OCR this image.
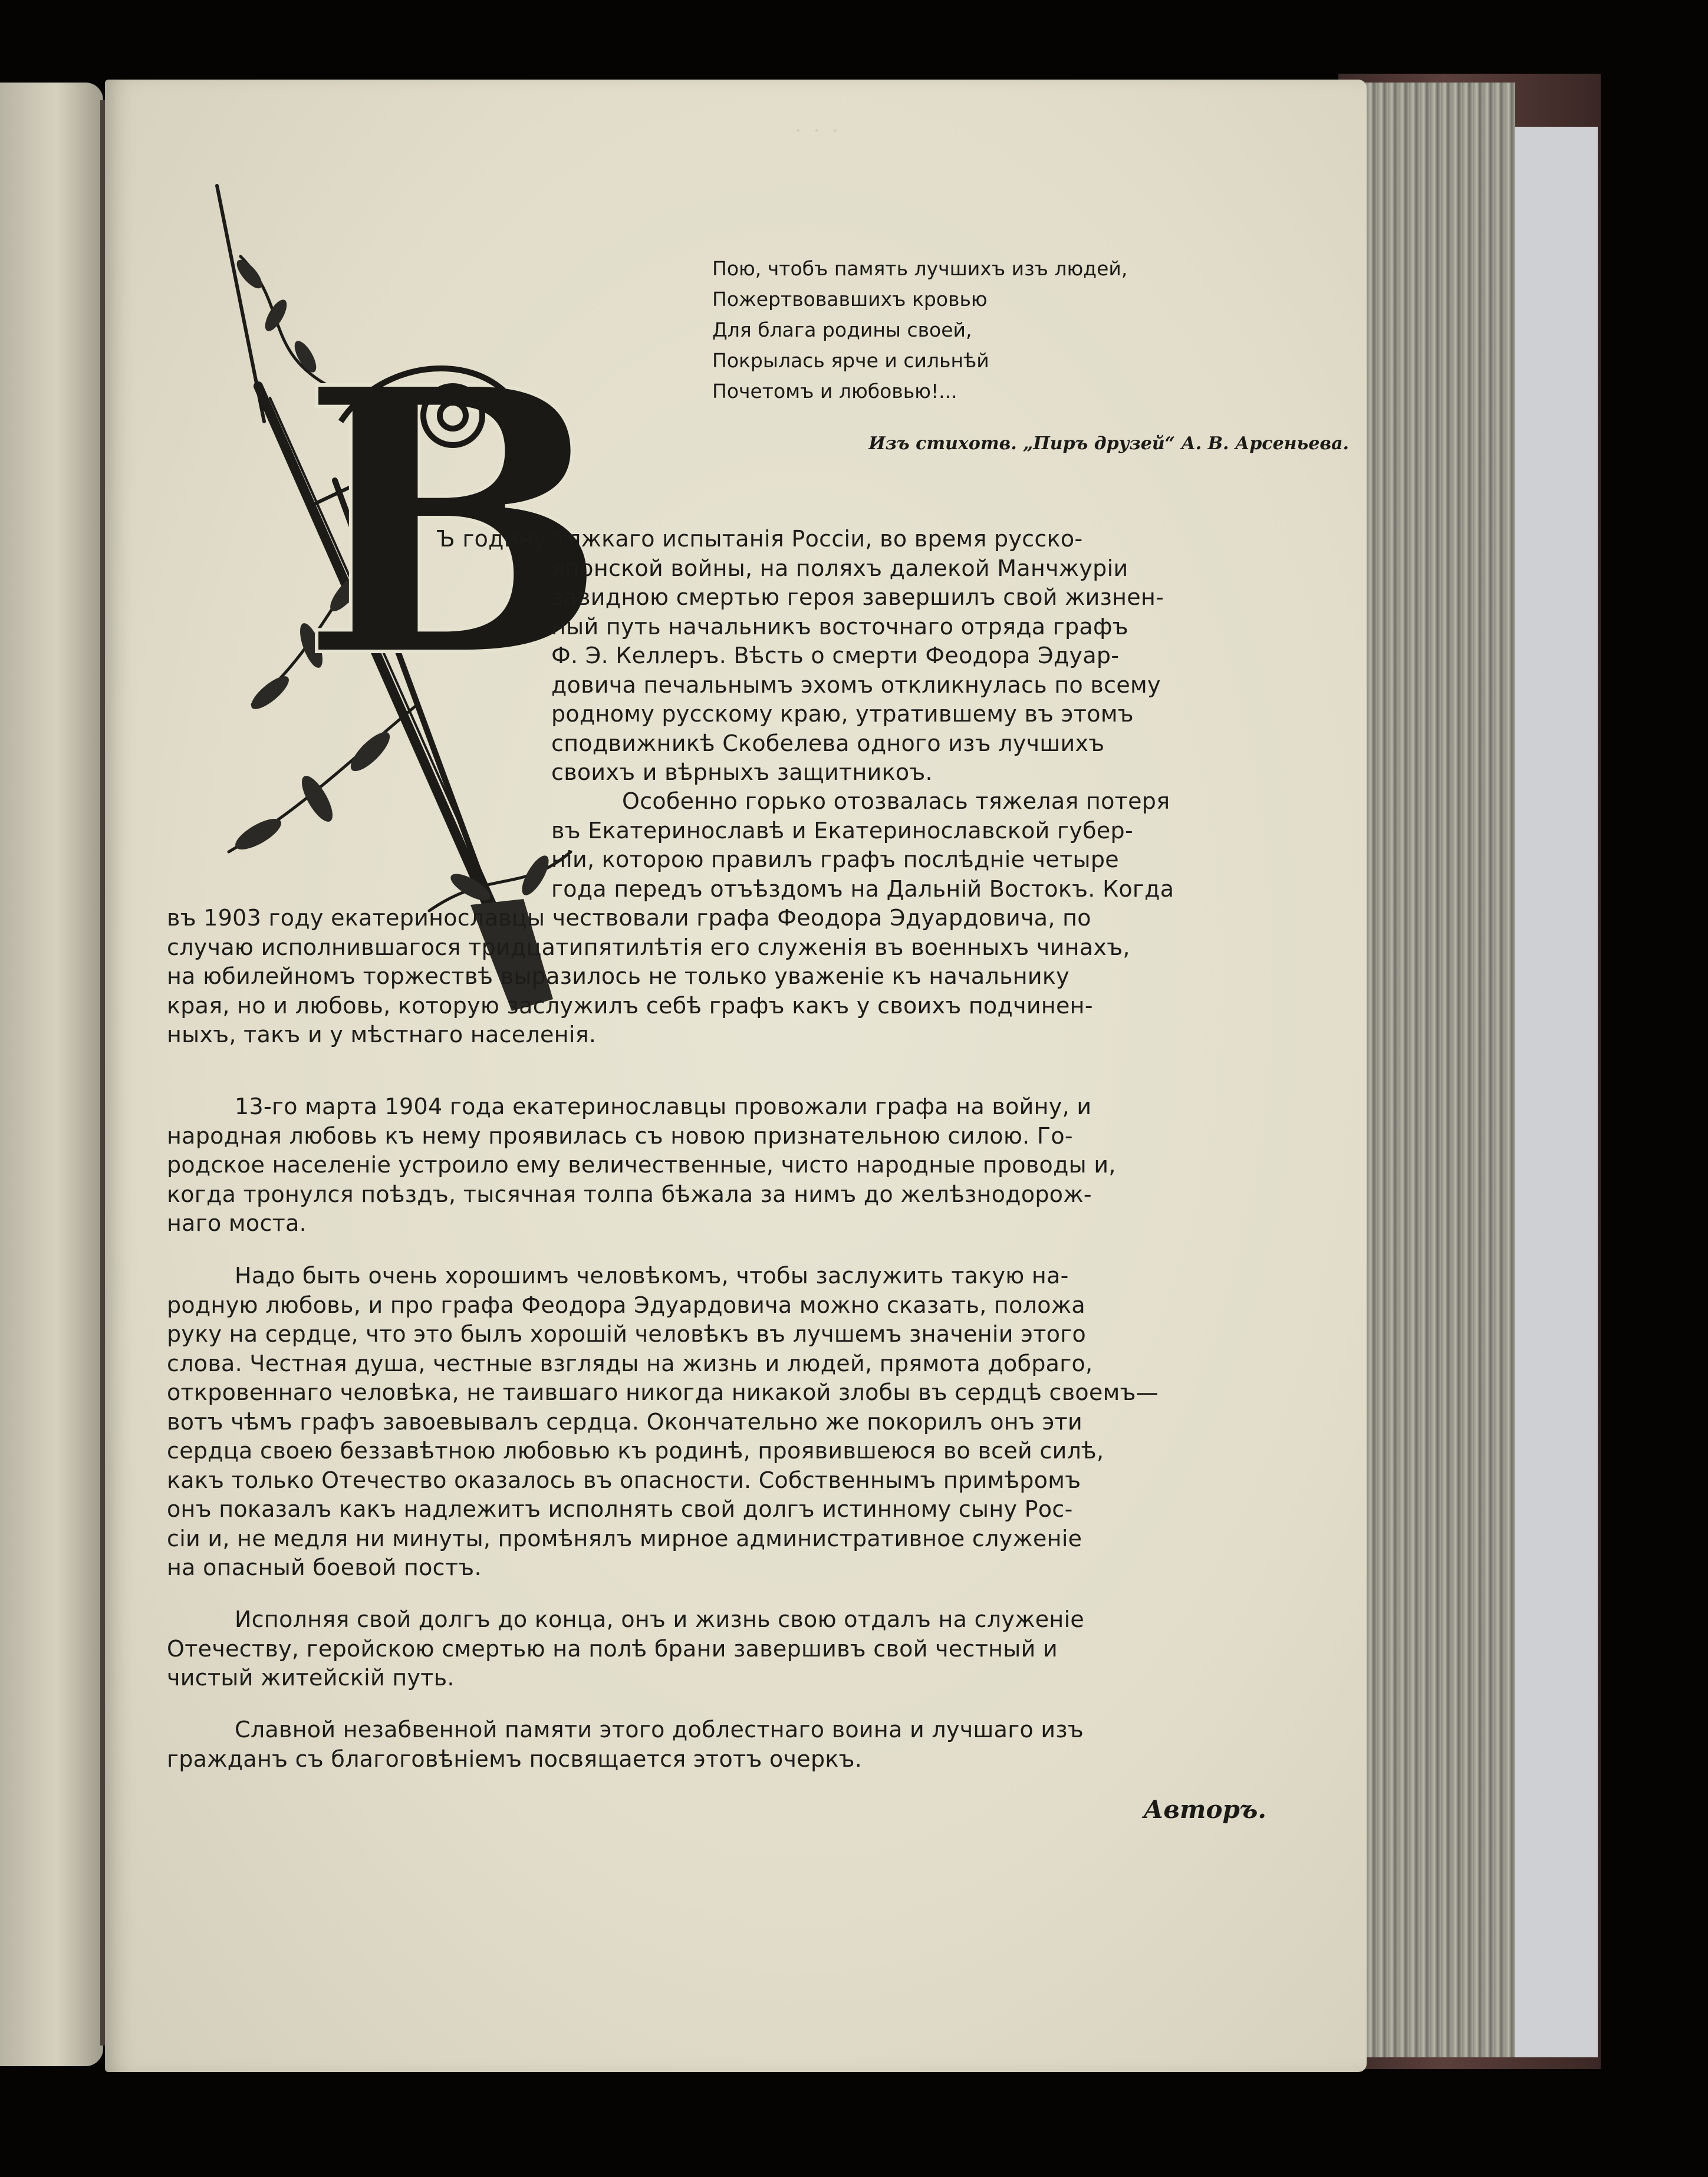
· · ·
В
Пою, чтобъ память лучшихъ изъ людей,
Пожертвовавшихъ кровью
Для блага родины своей,
Покрылась ярче и сильнѣй
Почетомъ и любовью!...
Изъ стихотв. „Пиръ друзей“ А. В. Арсеньева.
Ъ годину тяжкаго испытанія Россіи, во время русско-
японской войны, на поляхъ далекой Манчжуріи
завидною смертью героя завершилъ свой жизнен-
ный путь начальникъ восточнаго отряда графъ
Ф. Э. Келлеръ. Вѣсть о смерти Феодора Эдуар-
довича печальнымъ эхомъ откликнулась по всему
родному русскому краю, утратившему въ этомъ
сподвижникѣ Скобелева одного изъ лучшихъ
своихъ и вѣрныхъ защитникоъ.
Особенно горько отозвалась тяжелая потеря
въ Екатеринославѣ и Екатеринославской губер-
ніи, которою правилъ графъ послѣдніе четыре
года передъ отъѣздомъ на Дальній Востокъ. Когда
въ 1903 году екатеринославцы чествовали графа Феодора Эдуардовича, по
случаю исполнившагося тридцатипятилѣтія его служенія въ военныхъ чинахъ,
на юбилейномъ торжествѣ выразилось не только уваженіе къ начальнику
края, но и любовь, которую заслужилъ себѣ графъ какъ у своихъ подчинен-
ныхъ, такъ и у мѣстнаго населенія.
13-го марта 1904 года екатеринославцы провожали графа на войну, и
народная любовь къ нему проявилась съ новою признательною силою. Го-
родское населеніе устроило ему величественные, чисто народные проводы и,
когда тронулся поѣздъ, тысячная толпа бѣжала за нимъ до желѣзнодорож-
наго моста.
Надо быть очень хорошимъ человѣкомъ, чтобы заслужить такую на-
родную любовь, и про графа Феодора Эдуардовича можно сказать, положа
руку на сердце, что это былъ хорошій человѣкъ въ лучшемъ значеніи этого
слова. Честная душа, честные взгляды на жизнь и людей, прямота добраго,
откровеннаго человѣка, не таившаго никогда никакой злобы въ сердцѣ своемъ—
вотъ чѣмъ графъ завоевывалъ сердца. Окончательно же покорилъ онъ эти
сердца своею беззавѣтною любовью къ родинѣ, проявившеюся во всей силѣ,
какъ только Отечество оказалось въ опасности. Собственнымъ примѣромъ
онъ показалъ какъ надлежитъ исполнять свой долгъ истинному сыну Рос-
сіи и, не медля ни минуты, промѣнялъ мирное административное служеніе
на опасный боевой постъ.
Исполняя свой долгъ до конца, онъ и жизнь свою отдалъ на служеніе
Отечеству, геройскою смертью на полѣ брани завершивъ свой честный и
чистый житейскій путь.
Славной незабвенной памяти этого доблестнаго воина и лучшаго изъ
гражданъ съ благоговѣніемъ посвящается этотъ очеркъ.
Авторъ.
